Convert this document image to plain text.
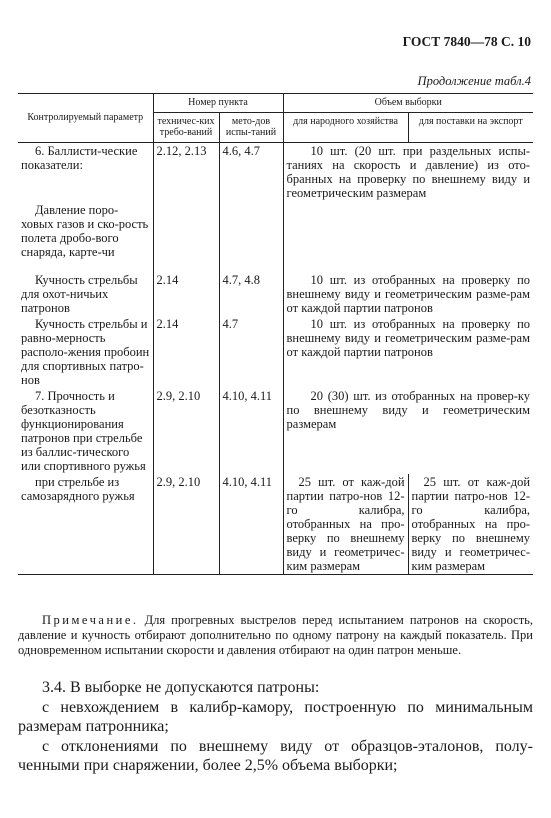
ГОСТ 7840—78 С. 10
Продолжение табл.4
Контролируемый параметр	Номер пункта		Объем выборки	
	техничес-ких требо-ваний	мето-дов испы-таний	для народного хозяйства	для поставки на экспорт
6. Баллисти-ческие показатели:	2.12, 2.13	4.6, 4.7	10 шт. (20 шт. при раздельных испы-таниях на скорость и давление) из ото-бранных на проверку по внешнему виду и геометрическим размерам	
Давление поро-ховых газов и ско-рость полета дробо-вого снаряда, карте-чи				
Кучность стрельбы для охот-ничьих патронов	2.14	4.7, 4.8	10 шт. из отобранных на проверку по внешнему виду и геометрическим разме-рам от каждой партии патронов	
Кучность стрельбы и равно-мерность располо-жения пробоин для спортивных патро-нов	2.14	4.7	10 шт. из отобранных на проверку по внешнему виду и геометрическим разме-рам от каждой партии патронов	
7. Прочность и безотказность функционирования патронов при стрельбе из баллис-тического или спортивного ружья	2.9, 2.10	4.10, 4.11	20 (30) шт. из отобранных на провер-ку по внешнему виду и геометрическим размерам	
при стрельбе из самозарядного ружья	2.9, 2.10	4.10, 4.11	25 шт. от каж-дой партии патро-нов 12-го калибра, отобранных на про-верку по внешнему виду и геометричес-ким размерам	25 шт. от каж-дой партии патро-нов 12-го калибра, отобранных на про-верку по внешнему виду и геометричес-ким размерам
Примечание. Для прогревных выстрелов перед испытанием патронов на скорость, давление и кучность отбирают дополнительно по одному патрону на каждый показатель. При одновременном испытании скорости и давления отбирают на один патрон меньше.

3.4. В выборке не допускаются патроны:

с невхождением в калибр-камору, построенную по минимальным размерам патронника;

с отклонениями по внешнему виду от образцов-эталонов, полу-ченными при снаряжении, более 2,5% объема выборки;
